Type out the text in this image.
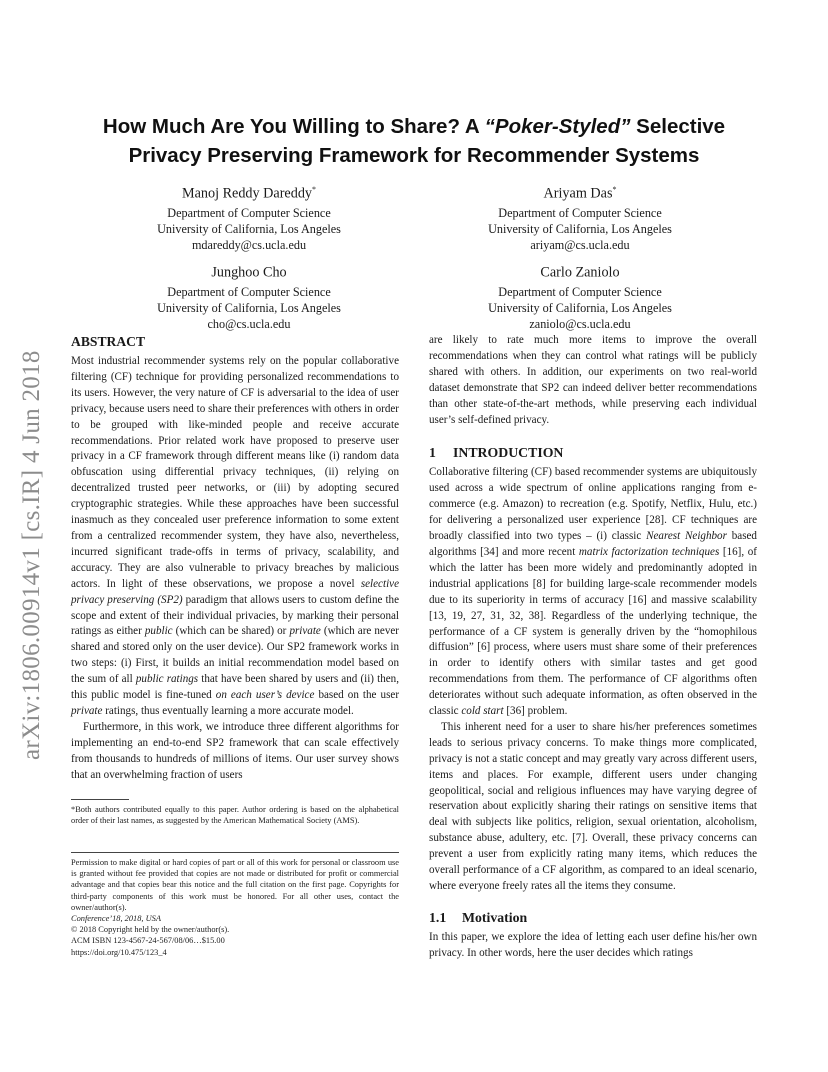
arXiv:1806.00914v1 [cs.IR] 4 Jun 2018
How Much Are You Willing to Share? A “Poker-Styled” Selective
Privacy Preserving Framework for Recommender Systems
Manoj Reddy Dareddy*
Department of Computer Science
University of California, Los Angeles
mdareddy@cs.ucla.edu
Ariyam Das*
Department of Computer Science
University of California, Los Angeles
ariyam@cs.ucla.edu
Junghoo Cho
Department of Computer Science
University of California, Los Angeles
cho@cs.ucla.edu
Carlo Zaniolo
Department of Computer Science
University of California, Los Angeles
zaniolo@cs.ucla.edu
ABSTRACT

Most industrial recommender systems rely on the popular collaborative filtering (CF) technique for providing personalized recommendations to its users. However, the very nature of CF is adversarial to the idea of user privacy, because users need to share their preferences with others in order to be grouped with like-minded people and receive accurate recommendations. Prior related work have proposed to preserve user privacy in a CF framework through different means like (i) random data obfuscation using differential privacy techniques, (ii) relying on decentralized trusted peer networks, or (iii) by adopting secured cryptographic strategies. While these approaches have been successful inasmuch as they concealed user preference information to some extent from a centralized recommender system, they have also, nevertheless, incurred significant trade-offs in terms of privacy, scalability, and accuracy. They are also vulnerable to privacy breaches by malicious actors. In light of these observations, we propose a novel selective privacy preserving (SP2) paradigm that allows users to custom define the scope and extent of their individual privacies, by marking their personal ratings as either public (which can be shared) or private (which are never shared and stored only on the user device). Our SP2 framework works in two steps: (i) First, it builds an initial recommendation model based on the sum of all public ratings that have been shared by users and (ii) then, this public model is fine-tuned on each user’s device based on the user private ratings, thus eventually learning a more accurate model.

Furthermore, in this work, we introduce three different algorithms for implementing an end-to-end SP2 framework that can scale effectively from thousands to hundreds of millions of items. Our user survey shows that an overwhelming fraction of users

*Both authors contributed equally to this paper. Author ordering is based on the alphabetical order of their last names, as suggested by the American Mathematical Society (AMS).
Permission to make digital or hard copies of part or all of this work for personal or classroom use is granted without fee provided that copies are not made or distributed for profit or commercial advantage and that copies bear this notice and the full citation on the first page. Copyrights for third-party components of this work must be honored. For all other uses, contact the owner/author(s).
Conference’18, 2018, USA
© 2018 Copyright held by the owner/author(s).
ACM ISBN 123-4567-24-567/08/06…$15.00
https://doi.org/10.475/123_4

are likely to rate much more items to improve the overall recommendations when they can control what ratings will be publicly shared with others. In addition, our experiments on two real-world dataset demonstrate that SP2 can indeed deliver better recommendations than other state-of-the-art methods, while preserving each individual user’s self-defined privacy.

1 INTRODUCTION

Collaborative filtering (CF) based recommender systems are ubiquitously used across a wide spectrum of online applications ranging from e-commerce (e.g. Amazon) to recreation (e.g. Spotify, Netflix, Hulu, etc.) for delivering a personalized user experience [28]. CF techniques are broadly classified into two types – (i) classic Nearest Neighbor based algorithms [34] and more recent matrix factorization techniques [16], of which the latter has been more widely and predominantly adopted in industrial applications [8] for building large-scale recommender models due to its superiority in terms of accuracy [16] and massive scalability [13, 19, 27, 31, 32, 38]. Regardless of the underlying technique, the performance of a CF system is generally driven by the “homophilous diffusion” [6] process, where users must share some of their preferences in order to identify others with similar tastes and get good recommendations from them. The performance of CF algorithms often deteriorates without such adequate information, as often observed in the classic cold start [36] problem.

This inherent need for a user to share his/her preferences sometimes leads to serious privacy concerns. To make things more complicated, privacy is not a static concept and may greatly vary across different users, items and places. For example, different users under changing geopolitical, social and religious influences may have varying degree of reservation about explicitly sharing their ratings on sensitive items that deal with subjects like politics, religion, sexual orientation, alcoholism, substance abuse, adultery, etc. [7]. Overall, these privacy concerns can prevent a user from explicitly rating many items, which reduces the overall performance of a CF algorithm, as compared to an ideal scenario, where everyone freely rates all the items they consume.

1.1 Motivation

In this paper, we explore the idea of letting each user define his/her own privacy. In other words, here the user decides which ratings
